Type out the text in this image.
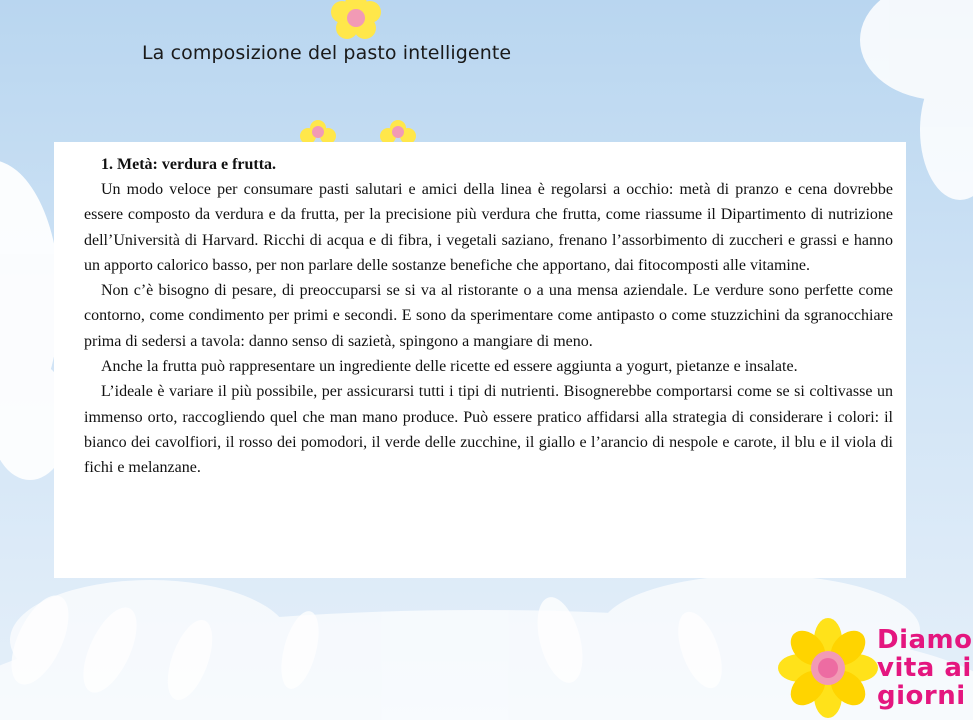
La composizione del pasto intelligente

1. Metà: verdura e frutta.

Un modo veloce per consumare pasti salutari e amici della linea è regolarsi a occhio: metà di pranzo e cena dovrebbe essere composto da verdura e da frutta, per la precisione più verdura che frutta, come riassume il Dipartimento di nutrizione dell’Università di Harvard. Ricchi di acqua e di fibra, i vegetali saziano, frenano l’assorbimento di zuccheri e grassi e hanno un apporto calorico basso, per non parlare delle sostanze benefiche che apportano, dai fitocomposti alle vitamine.

Non c’è bisogno di pesare, di preoccuparsi se si va al ristorante o a una mensa aziendale. Le verdure sono perfette come contorno, come condimento per primi e secondi. E sono da sperimentare come antipasto o come stuzzichini da sgranocchiare prima di sedersi a tavola: danno senso di sazietà, spingono a mangiare di meno.

Anche la frutta può rappresentare un ingrediente delle ricette ed essere aggiunta a yogurt, pietanze e insalate.

L’ideale è variare il più possibile, per assicurarsi tutti i tipi di nutrienti. Bisognerebbe comportarsi come se si coltivasse un immenso orto, raccogliendo quel che man mano produce. Può essere pratico affidarsi alla strategia di considerare i colori: il bianco dei cavolfiori, il rosso dei pomodori, il verde delle zucchine, il giallo e l’arancio di nespole e carote, il blu e il viola di fichi e melanzane.

Diamo
vita ai
giorni
